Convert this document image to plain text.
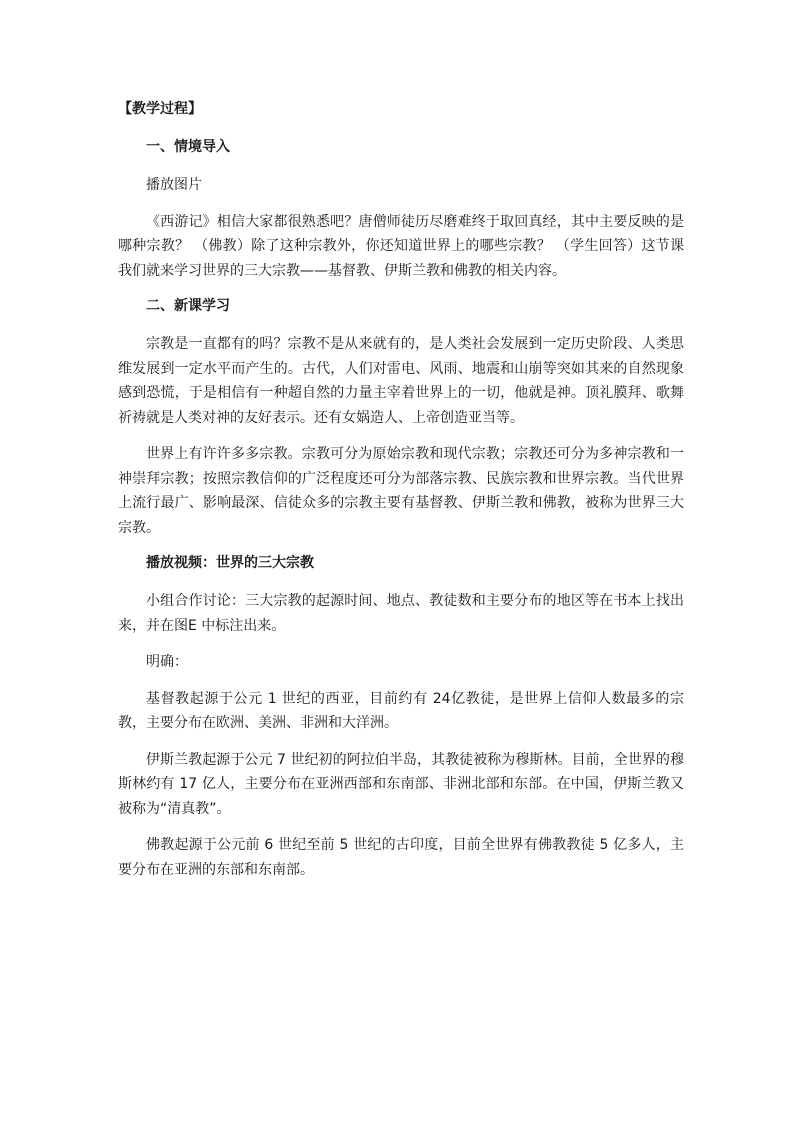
【教学过程】
一、情境导入

播放图片

《西游记》相信大家都很熟悉吧？唐僧师徒历尽磨难终于取回真经，其中主要反映的是哪种宗教？ （佛教）除了这种宗教外，你还知道世界上的哪些宗教？ （学生回答）这节课我们就来学习世界的三大宗教——基督教、伊斯兰教和佛教的相关内容。

二、新课学习

宗教是一直都有的吗？宗教不是从来就有的，是人类社会发展到一定历史阶段、人类思维发展到一定水平而产生的。古代，人们对雷电、风雨、地震和山崩等突如其来的自然现象感到恐慌，于是相信有一种超自然的力量主宰着世界上的一切，他就是神。顶礼膜拜、歌舞祈祷就是人类对神的友好表示。还有女娲造人、上帝创造亚当等。

世界上有许许多多宗教。宗教可分为原始宗教和现代宗教；宗教还可分为多神宗教和一神崇拜宗教；按照宗教信仰的广泛程度还可分为部落宗教、民族宗教和世界宗教。当代世界上流行最广、影响最深、信徒众多的宗教主要有基督教、伊斯兰教和佛教，被称为世界三大宗教。

播放视频：世界的三大宗教

小组合作讨论：三大宗教的起源时间、地点、教徒数和主要分布的地区等在书本上找出来，并在图E 中标注出来。

明确：

基督教起源于公元 1 世纪的西亚，目前约有 24亿教徒，是世界上信仰人数最多的宗教，主要分布在欧洲、美洲、非洲和大洋洲。

伊斯兰教起源于公元 7 世纪初的阿拉伯半岛，其教徒被称为穆斯林。目前，全世界的穆斯林约有 17 亿人，主要分布在亚洲西部和东南部、非洲北部和东部。在中国，伊斯兰教又被称为“清真教”。

佛教起源于公元前 6 世纪至前 5 世纪的古印度，目前全世界有佛教教徒 5 亿多人，主要分布在亚洲的东部和东南部。
